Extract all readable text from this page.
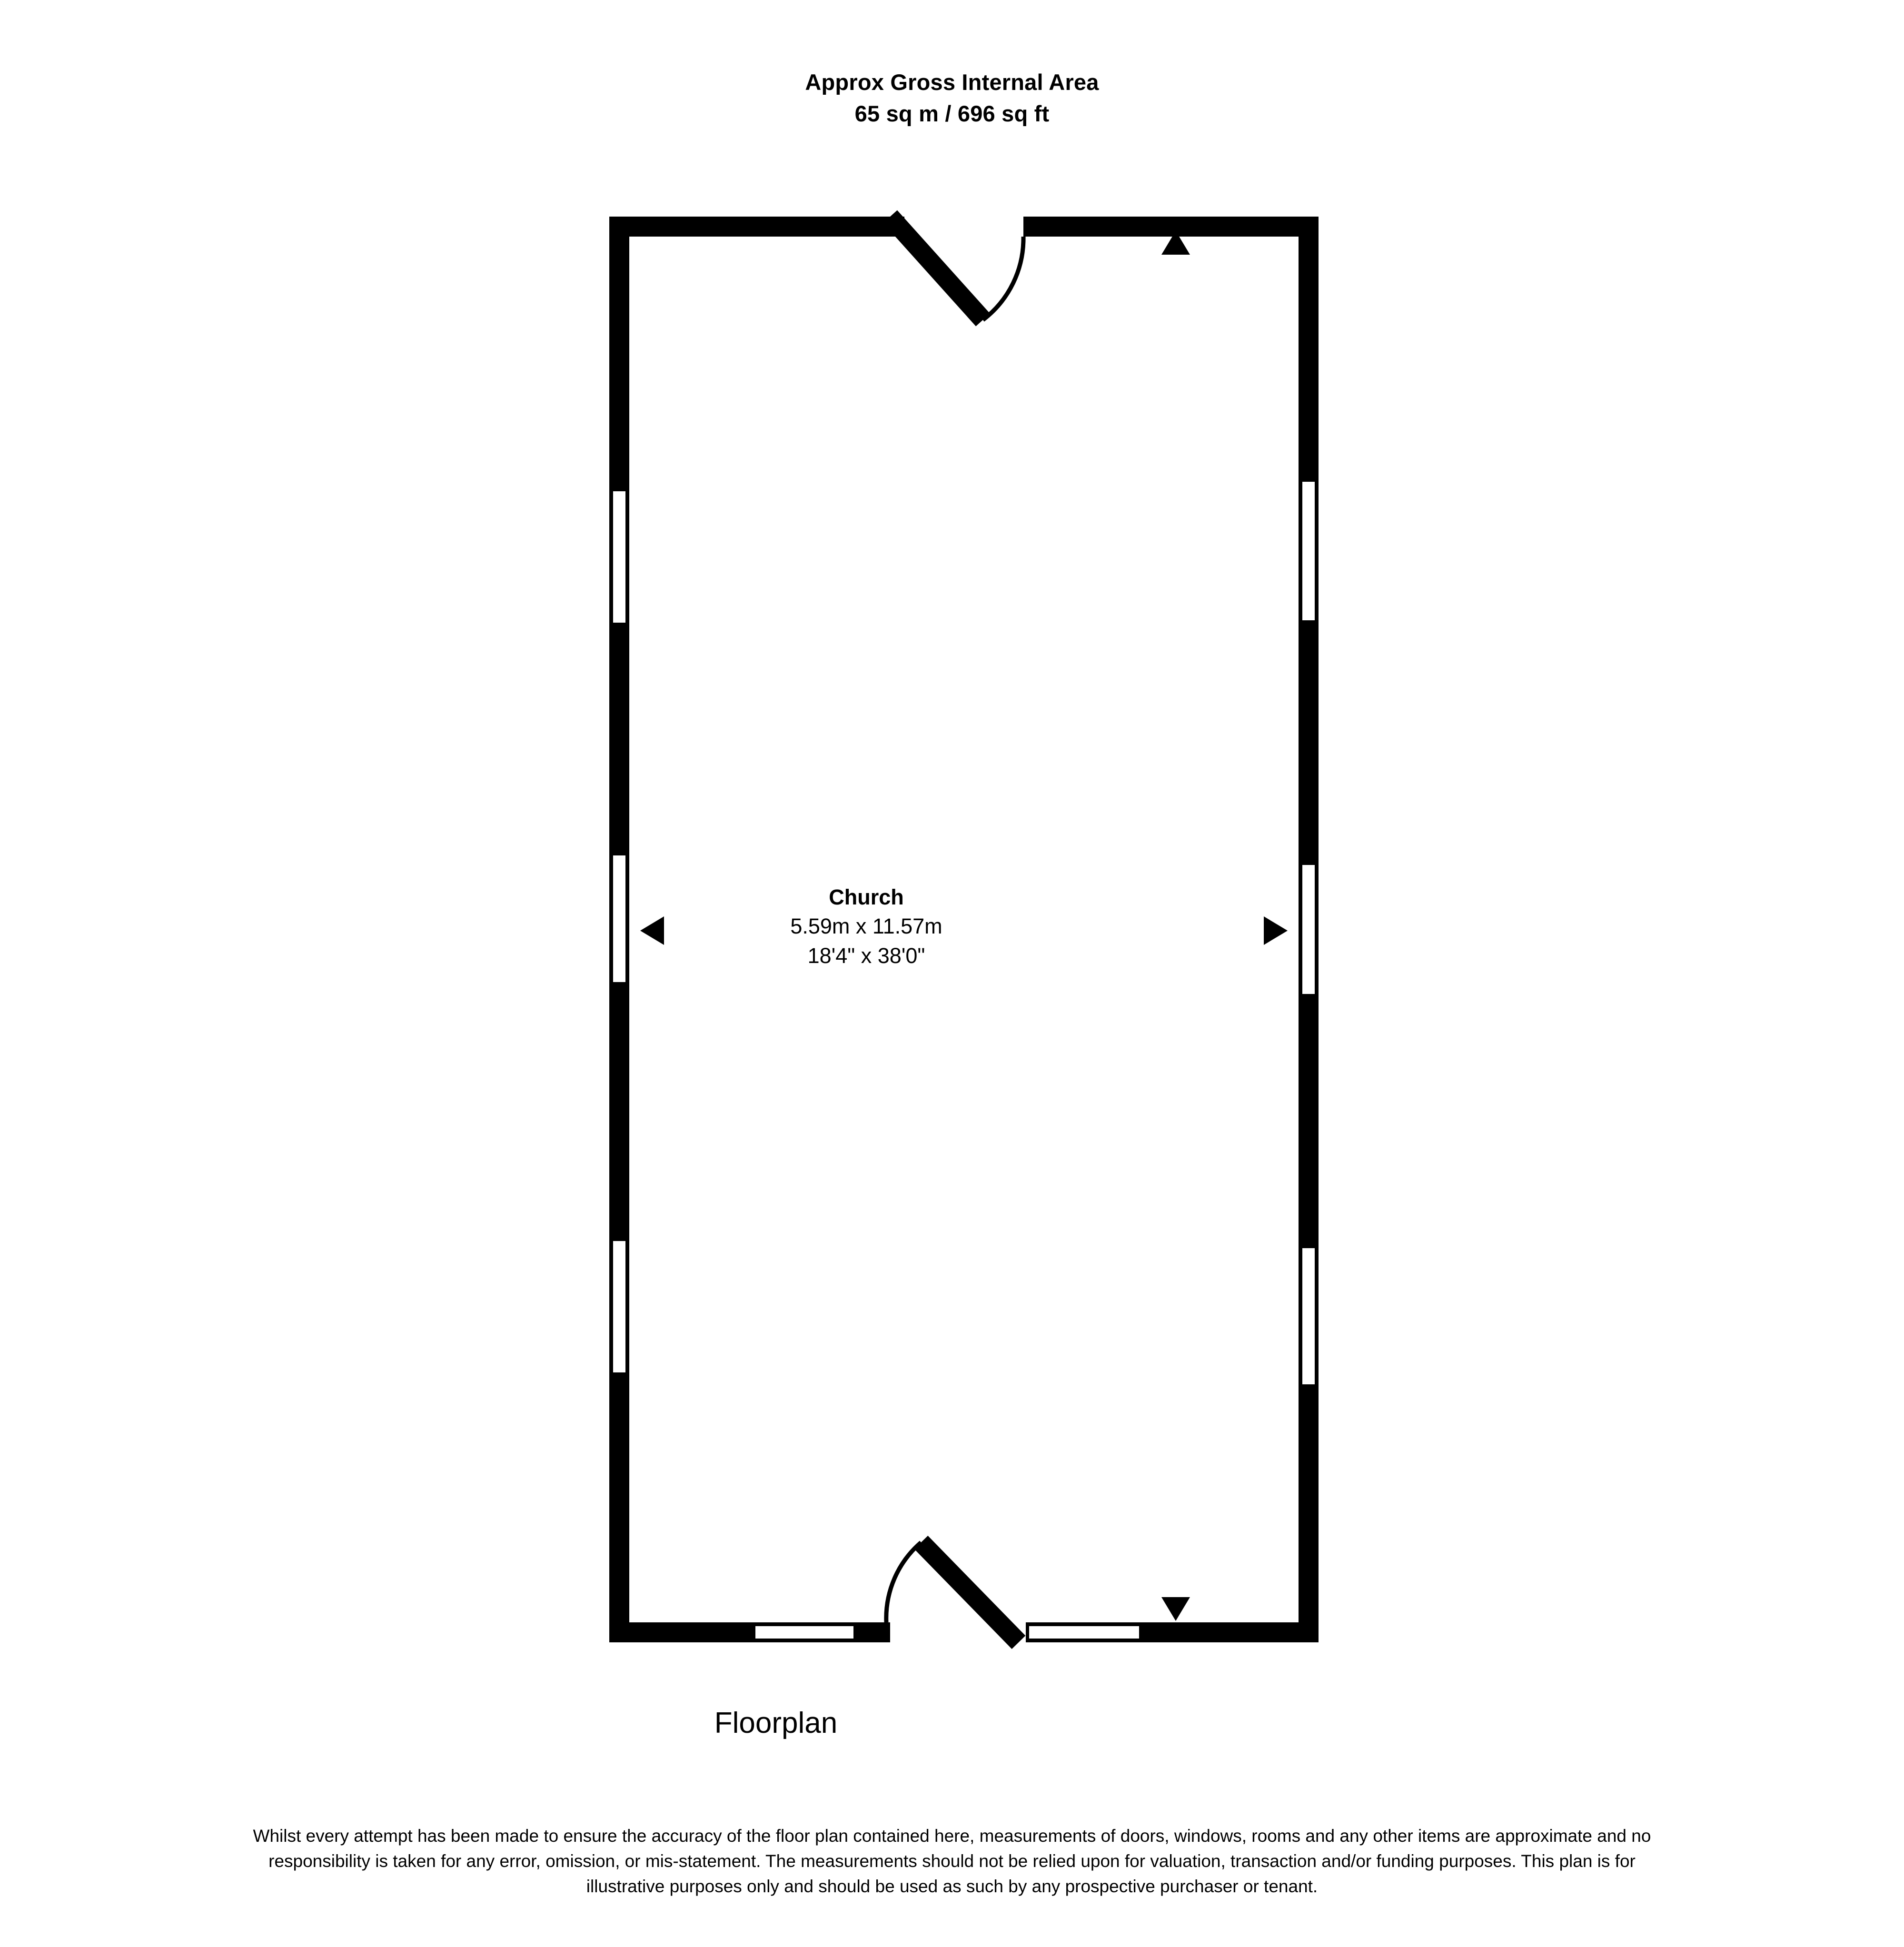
Approx Gross Internal Area
65 sq m / 696 sq ft
Church
5.59m x 11.57m
18'4" x 38'0"
Floorplan
Whilst every attempt has been made to ensure the accuracy of the floor plan contained here, measurements of doors, windows, rooms and any other items are approximate and no responsibility is taken for any error, omission, or mis-statement. The measurements should not be relied upon for valuation, transaction and/or funding purposes. This plan is for illustrative purposes only and should be used as such by any prospective purchaser or tenant.
